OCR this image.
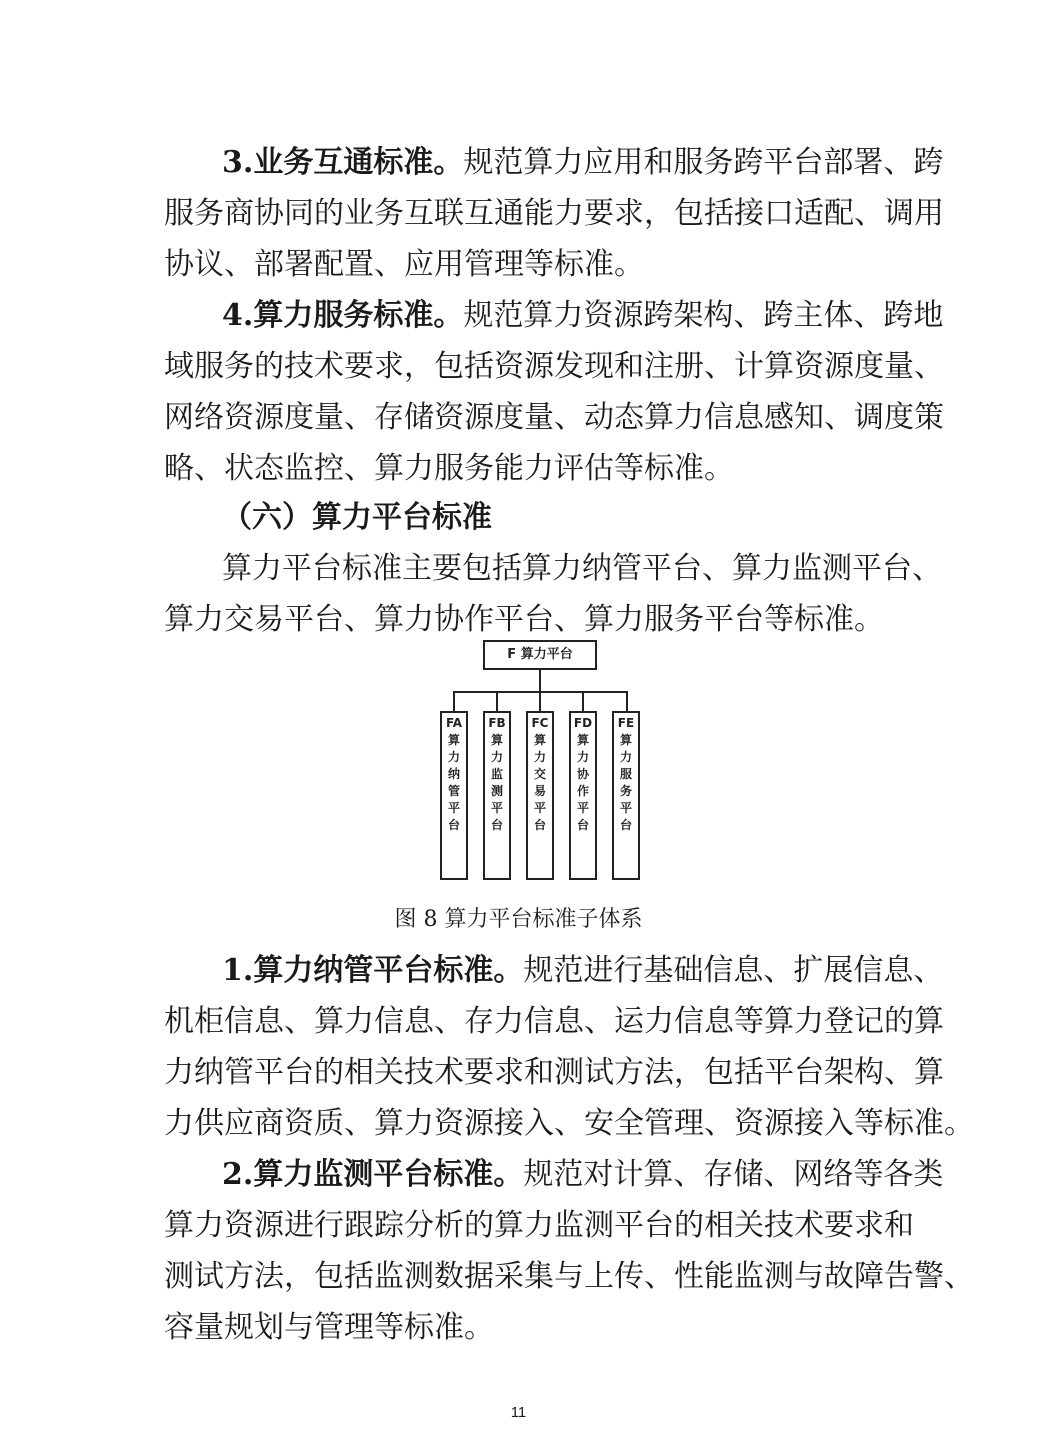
3.业务互通标准。规范算力应用和服务跨平台部署、跨
服务商协同的业务互联互通能力要求，包括接口适配、调用
协议、部署配置、应用管理等标准。
4.算力服务标准。规范算力资源跨架构、跨主体、跨地
域服务的技术要求，包括资源发现和注册、计算资源度量、
网络资源度量、存储资源度量、动态算力信息感知、调度策
略、状态监控、算力服务能力评估等标准。
（六）算力平台标准
算力平台标准主要包括算力纳管平台、算力监测平台、
算力交易平台、算力协作平台、算力服务平台等标准。
F 算力平台
FA
算力纳管平台
FB
算力监测平台
FC
算力交易平台
FD
算力协作平台
FE
算力服务平台
图 8 算力平台标准子体系
1.算力纳管平台标准。规范进行基础信息、扩展信息、
机柜信息、算力信息、存力信息、运力信息等算力登记的算
力纳管平台的相关技术要求和测试方法，包括平台架构、算
力供应商资质、算力资源接入、安全管理、资源接入等标准。
2.算力监测平台标准。规范对计算、存储、网络等各类
算力资源进行跟踪分析的算力监测平台的相关技术要求和
测试方法，包括监测数据采集与上传、性能监测与故障告警、
容量规划与管理等标准。
11
